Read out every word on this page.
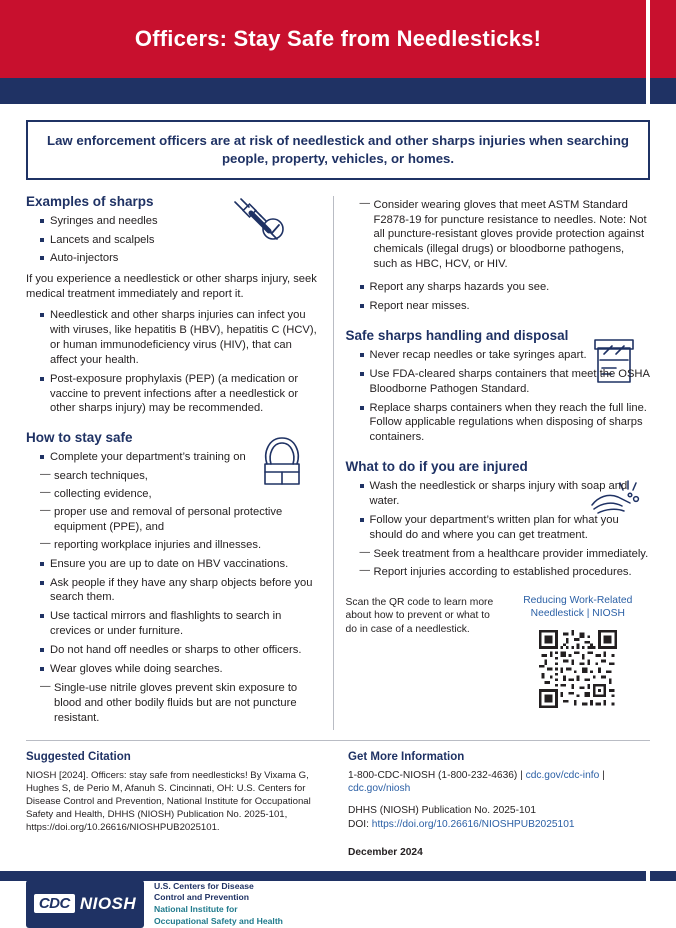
Officers: Stay Safe from Needlesticks!
Law enforcement officers are at risk of needlestick and other sharps injuries when searching people, property, vehicles, or homes.
Examples of sharps
Syringes and needles
Lancets and scalpels
Auto-injectors

If you experience a needlestick or other sharps injury, seek medical treatment immediately and report it.

Needlestick and other sharps injuries can infect you with viruses, like hepatitis B (HBV), hepatitis C (HCV), or human immunodeficiency virus (HIV), that can affect your health.
Post-exposure prophylaxis (PEP) (a medication or vaccine to prevent infections after a needlestick or other sharps injury) may be recommended.
How to stay safe
Complete your department’s training on
— search techniques,
— collecting evidence,
— proper use and removal of personal protective equipment (PPE), and
— reporting workplace injuries and illnesses.
Ensure you are up to date on HBV vaccinations.
Ask people if they have any sharp objects before you search them.
Use tactical mirrors and flashlights to search in crevices or under furniture.
Do not hand off needles or sharps to other officers.
Wear gloves while doing searches.
— Single-use nitrile gloves prevent skin exposure to blood and other bodily fluids but are not puncture resistant.
— Consider wearing gloves that meet ASTM Standard F2878-19 for puncture resistance to needles. Note: Not all puncture-resistant gloves provide protection against chemicals (illegal drugs) or bloodborne pathogens, such as HBC, HCV, or HIV.
Report any sharps hazards you see.
Report near misses.
Safe sharps handling and disposal
Never recap needles or take syringes apart.
Use FDA-cleared sharps containers that meet the OSHA Bloodborne Pathogen Standard.
Replace sharps containers when they reach the full line. Follow applicable regulations when disposing of sharps containers.
What to do if you are injured
Wash the needlestick or sharps injury with soap and water.
Follow your department’s written plan for what you should do and where you can get treatment.
— Seek treatment from a healthcare provider immediately.
— Report injuries according to established procedures.
Scan the QR code to learn more about how to prevent or what to do in case of a needlestick.
Reducing Work-Related
Needlestick | NIOSH
Suggested Citation

NIOSH [2024]. Officers: stay safe from needlesticks! By Vixama G, Hughes S, de Perio M, Afanuh S. Cincinnati, OH: U.S. Centers for Disease Control and Prevention, National Institute for Occupational Safety and Health, DHHS (NIOSH) Publication No. 2025-101, https://doi.org/10.26616/NIOSHPUB2025101.

Get More Information

1-800-CDC-NIOSH (1-800-232-4636) | cdc.gov/cdc-info | cdc.gov/niosh

DHHS (NIOSH) Publication No. 2025-101
DOI: https://doi.org/10.26616/NIOSHPUB2025101

December 2024

CDC NIOSH
U.S. Centers for Disease
Control and Prevention
National Institute for
Occupational Safety and Health
